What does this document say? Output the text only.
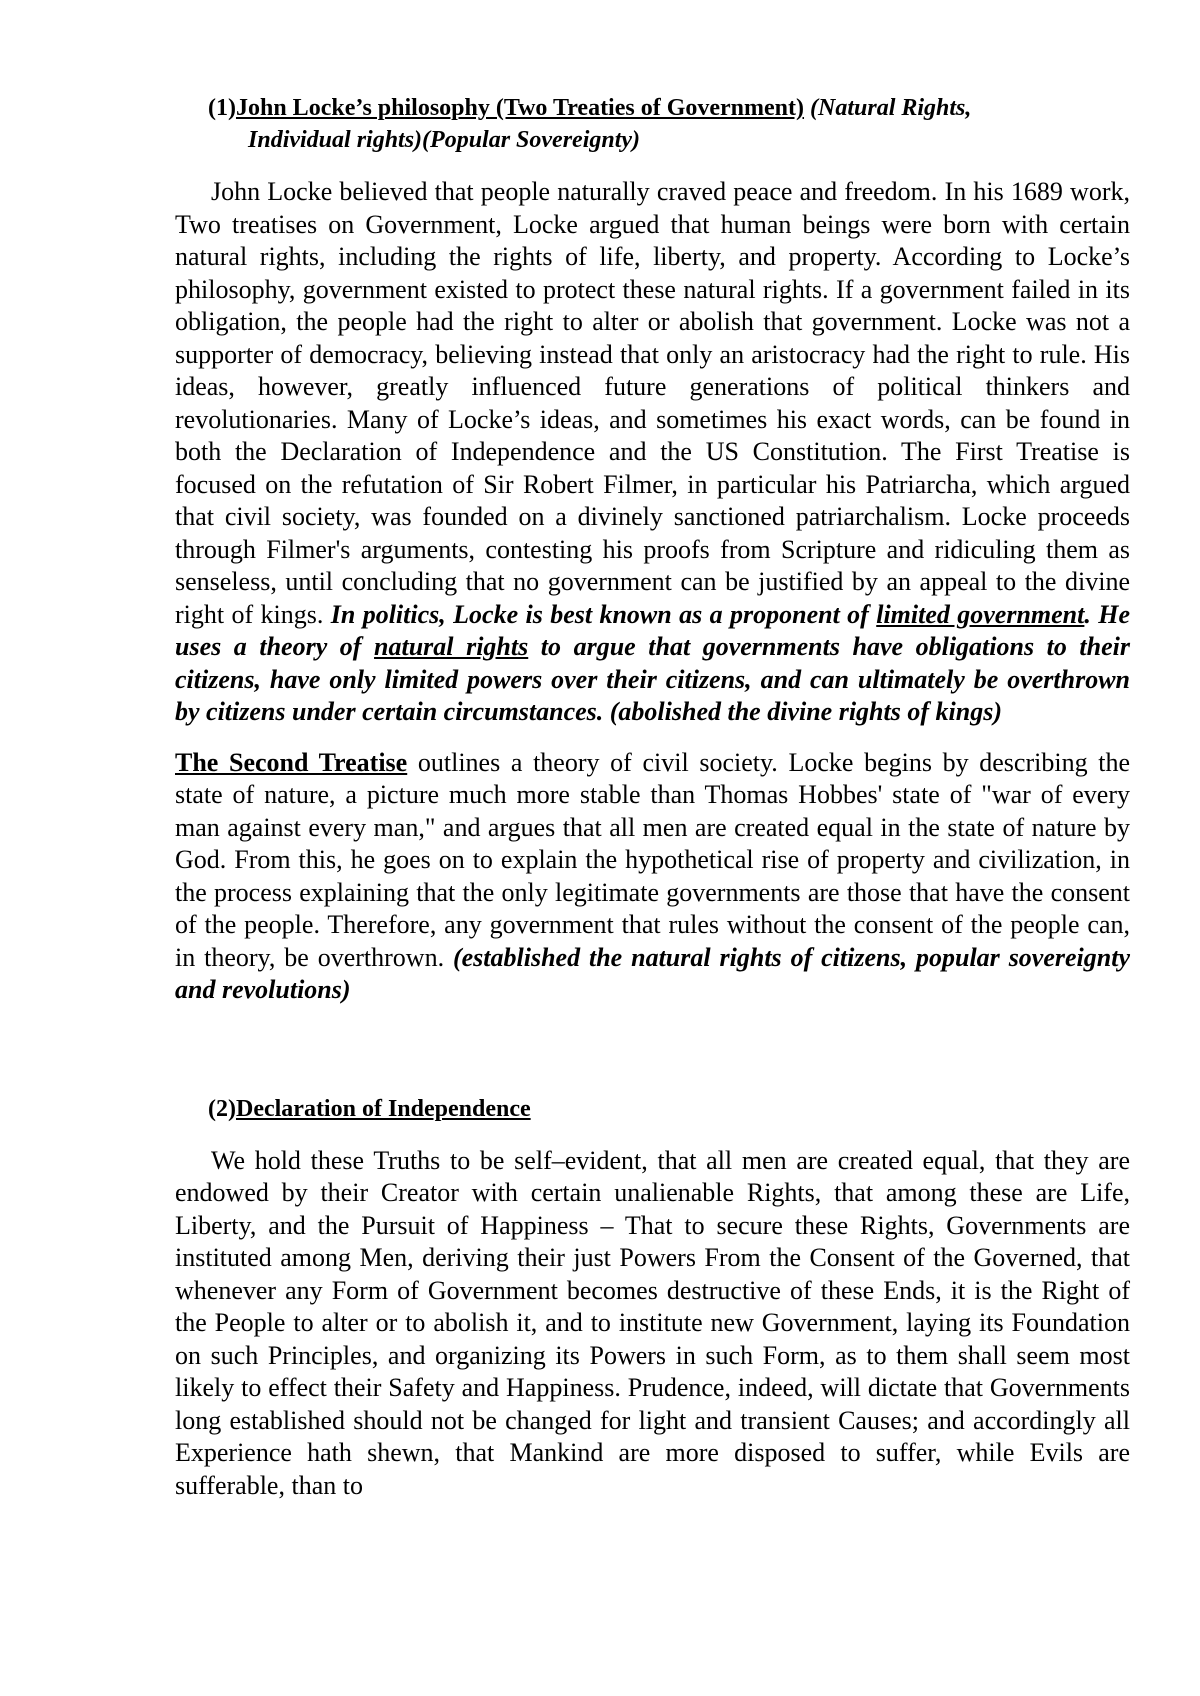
(1)John Locke’s philosophy (Two Treaties of Government) (Natural Rights,
Individual rights)(Popular Sovereignty)

John Locke believed that people naturally craved peace and freedom. In his 1689 work, Two treatises on Government, Locke argued that human beings were born with certain natural rights, including the rights of life, liberty, and property. According to Locke’s philosophy, government existed to protect these natural rights. If a government failed in its obligation, the people had the right to alter or abolish that government. Locke was not a supporter of democracy, believing instead that only an aristocracy had the right to rule. His ideas, however, greatly influenced future generations of political thinkers and revolutionaries. Many of Locke’s ideas, and sometimes his exact words, can be found in both the Declaration of Independence and the US Constitution. The First Treatise is focused on the refutation of Sir Robert Filmer, in particular his Patriarcha, which argued that civil society, was founded on a divinely sanctioned patriarchalism. Locke proceeds through Filmer's arguments, contesting his proofs from Scripture and ridiculing them as senseless, until concluding that no government can be justified by an appeal to the divine right of kings. In politics, Locke is best known as a proponent of limited government. He uses a theory of natural rights to argue that governments have obligations to their citizens, have only limited powers over their citizens, and can ultimately be overthrown by citizens under certain circumstances. (abolished the divine rights of kings)

The Second Treatise outlines a theory of civil society. Locke begins by describing the state of nature, a picture much more stable than Thomas Hobbes' state of "war of every man against every man," and argues that all men are created equal in the state of nature by God. From this, he goes on to explain the hypothetical rise of property and civilization, in the process explaining that the only legitimate governments are those that have the consent of the people. Therefore, any government that rules without the consent of the people can, in theory, be overthrown. (established the natural rights of citizens, popular sovereignty and revolutions)

(2)Declaration of Independence

We hold these Truths to be self–evident, that all men are created equal, that they are endowed by their Creator with certain unalienable Rights, that among these are Life, Liberty, and the Pursuit of Happiness – That to secure these Rights, Governments are instituted among Men, deriving their just Powers From the Consent of the Governed, that whenever any Form of Government becomes destructive of these Ends, it is the Right of the People to alter or to abolish it, and to institute new Government, laying its Foundation on such Principles, and organizing its Powers in such Form, as to them shall seem most likely to effect their Safety and Happiness. Prudence, indeed, will dictate that Governments long established should not be changed for light and transient Causes; and accordingly all Experience hath shewn, that Mankind are more disposed to suffer, while Evils are sufferable, than to
